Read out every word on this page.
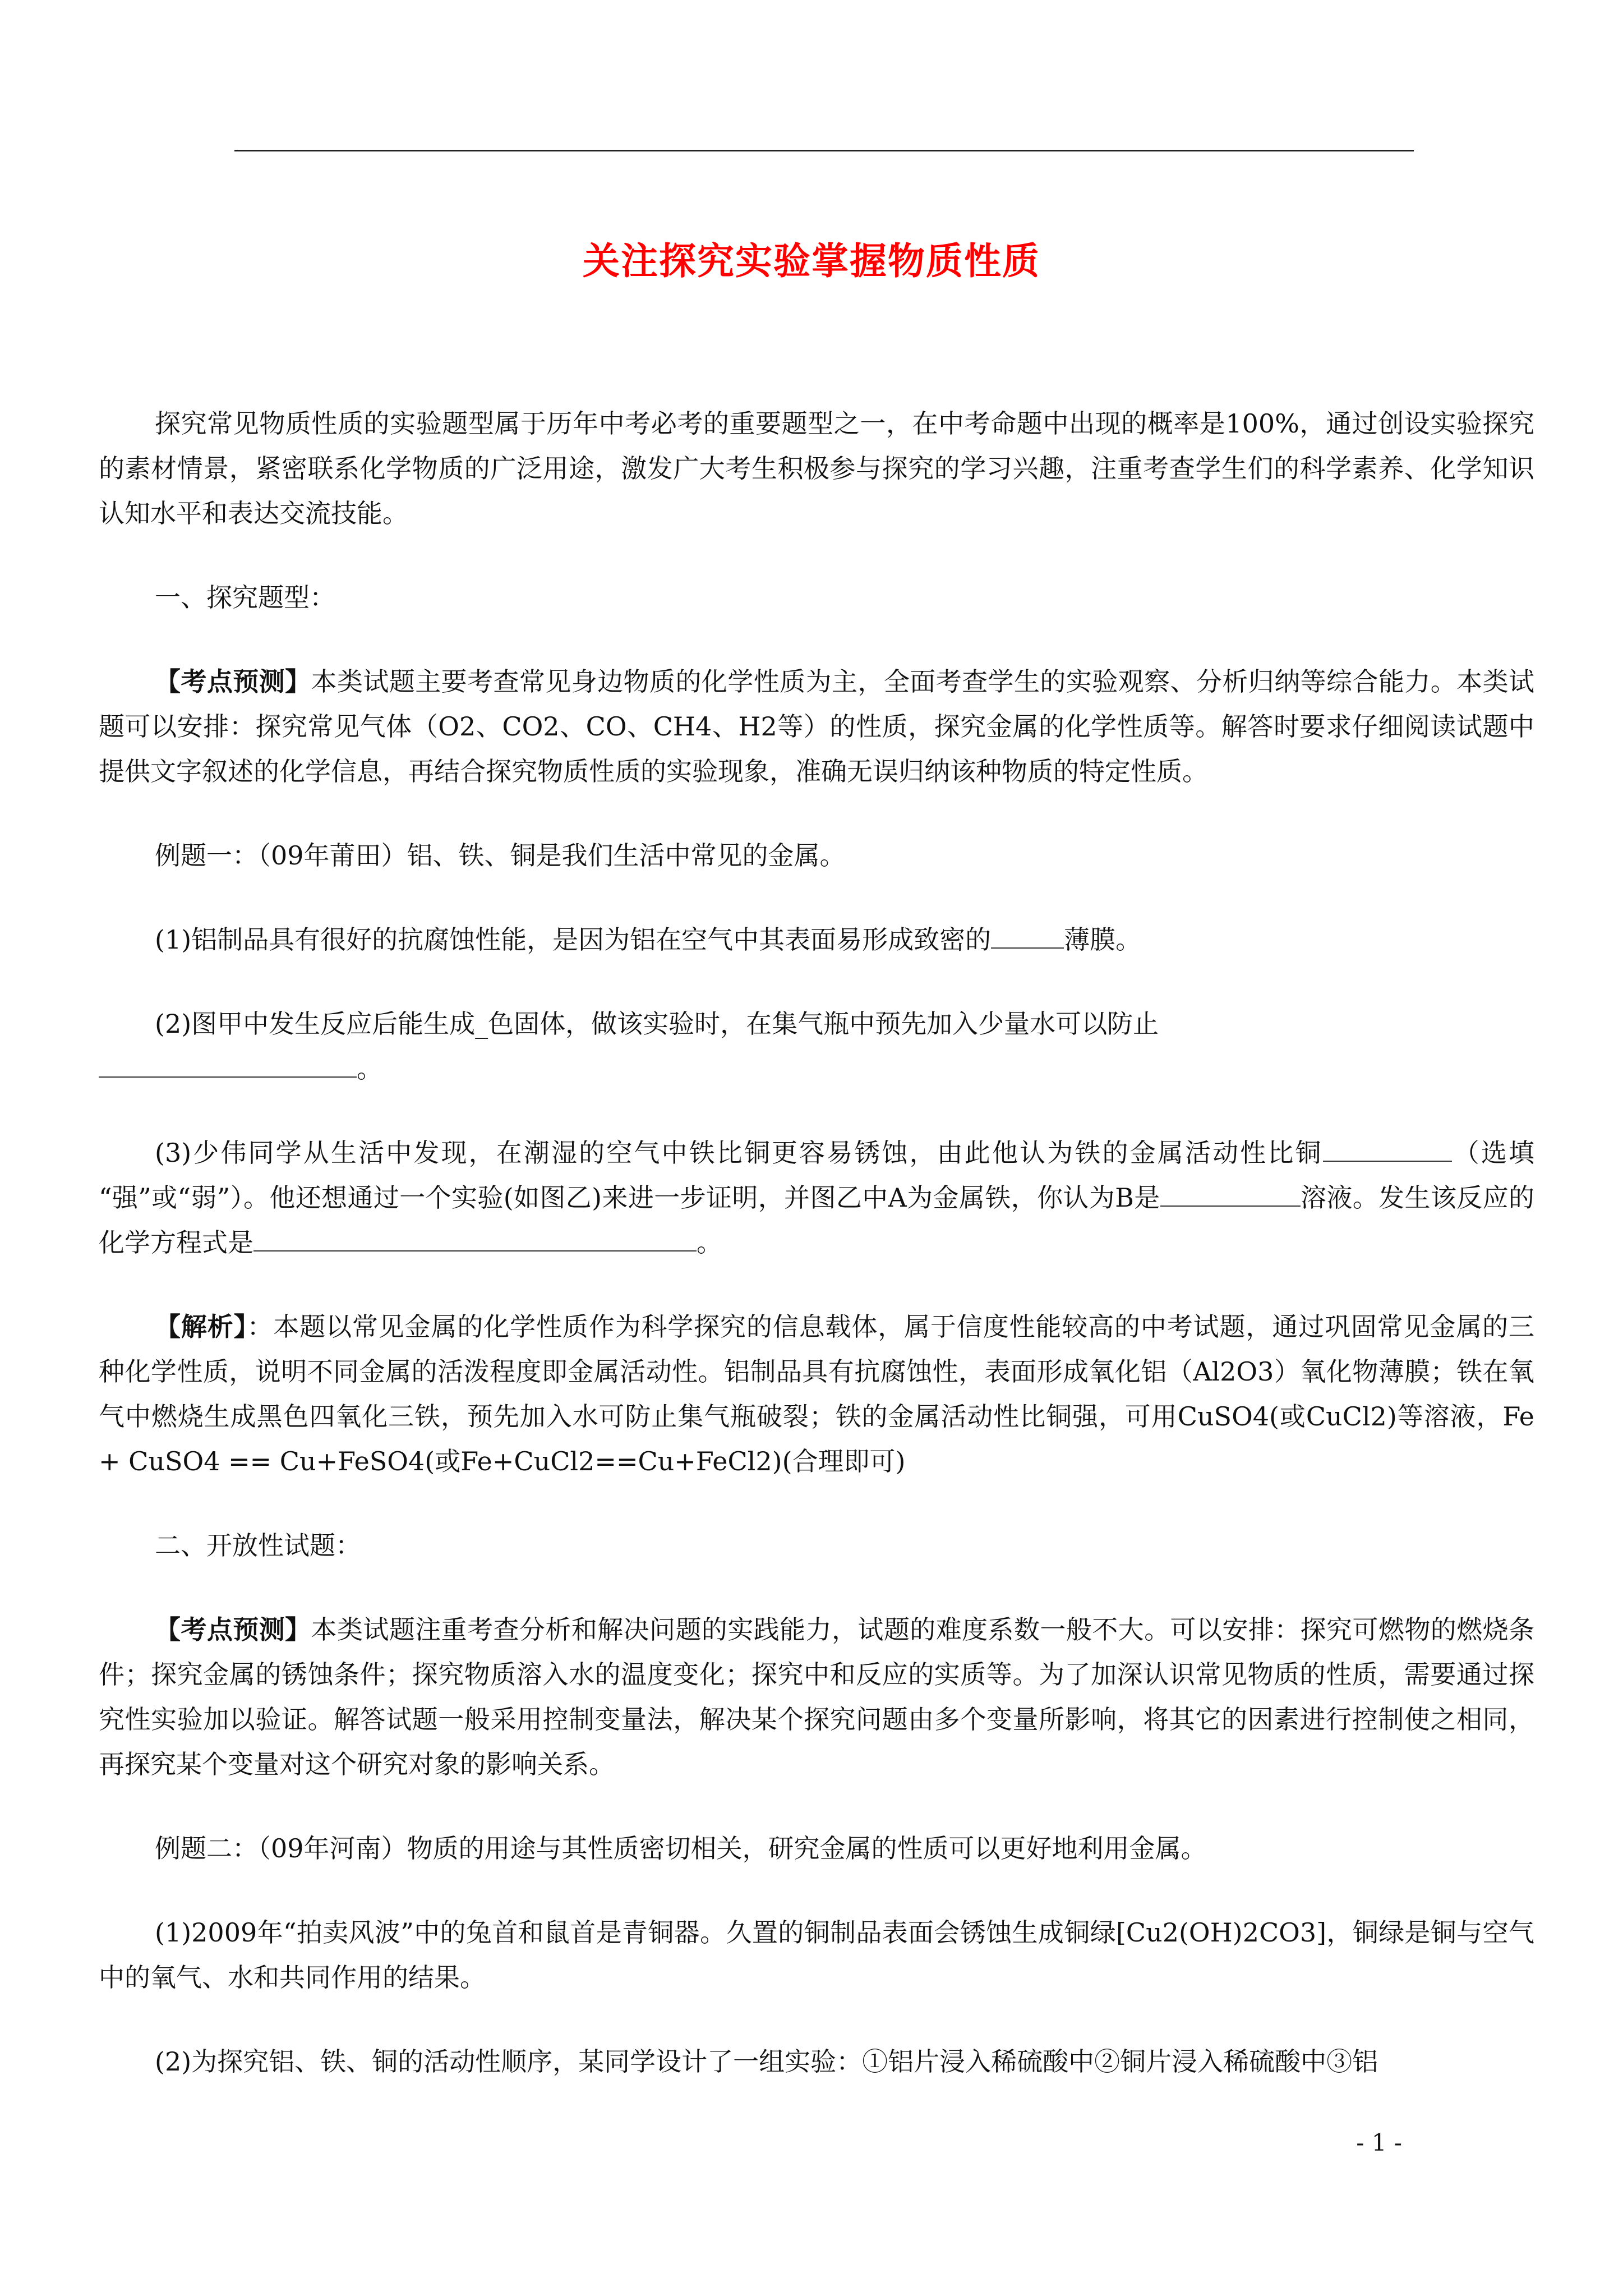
关注探究实验掌握物质性质

探究常见物质性质的实验题型属于历年中考必考的重要题型之一，在中考命题中出现的概率是100%，通过创设实验探究的素材情景，紧密联系化学物质的广泛用途，激发广大考生积极参与探究的学习兴趣，注重考查学生们的科学素养、化学知识认知水平和表达交流技能。

一、探究题型：

【考点预测】本类试题主要考查常见身边物质的化学性质为主，全面考查学生的实验观察、分析归纳等综合能力。本类试题可以安排：探究常见气体（O2、CO2、CO、CH4、H2等）的性质，探究金属的化学性质等。解答时要求仔细阅读试题中提供文字叙述的化学信息，再结合探究物质性质的实验现象，准确无误归纳该种物质的特定性质。

例题一：（09年莆田）铝、铁、铜是我们生活中常见的金属。

(1)铝制品具有很好的抗腐蚀性能，是因为铝在空气中其表面易形成致密的	薄膜。

(2)图甲中发生反应后能生成_色固体，做该实验时，在集气瓶中预先加入少量水可以防止
。

(3)少伟同学从生活中发现，在潮湿的空气中铁比铜更容易锈蚀，由此他认为铁的金属活动性比铜	（选填 “强”或“弱”）。他还想通过一个实验(如图乙)来进一步证明，并图乙中A为金属铁，你认为B是	溶液。发生该反应的化学方程式是	。

【解析】：本题以常见金属的化学性质作为科学探究的信息载体，属于信度性能较高的中考试题，通过巩固常见金属的三种化学性质，说明不同金属的活泼程度即金属活动性。铝制品具有抗腐蚀性，表面形成氧化铝（Al2O3）氧化物薄膜；铁在氧气中燃烧生成黑色四氧化三铁，预先加入水可防止集气瓶破裂；铁的金属活动性比铜强，可用CuSO4(或CuCl2)等溶液，Fe + CuSO4 == Cu+FeSO4(或Fe+CuCl2==Cu+FeCl2)(合理即可)

二、开放性试题：

【考点预测】本类试题注重考查分析和解决问题的实践能力，试题的难度系数一般不大。可以安排：探究可燃物的燃烧条件；探究金属的锈蚀条件；探究物质溶入水的温度变化；探究中和反应的实质等。为了加深认识常见物质的性质，需要通过探究性实验加以验证。解答试题一般采用控制变量法，解决某个探究问题由多个变量所影响，将其它的因素进行控制使之相同，再探究某个变量对这个研究对象的影响关系。

例题二：（09年河南）物质的用途与其性质密切相关，研究金属的性质可以更好地利用金属。

(1)2009年“拍卖风波”中的兔首和鼠首是青铜器。久置的铜制品表面会锈蚀生成铜绿[Cu2(OH)2CO3]，铜绿是铜与空气中的氧气、水和共同作用的结果。

(2)为探究铝、铁、铜的活动性顺序，某同学设计了一组实验：①铝片浸入稀硫酸中②铜片浸入稀硫酸中③铝

- 1 -
